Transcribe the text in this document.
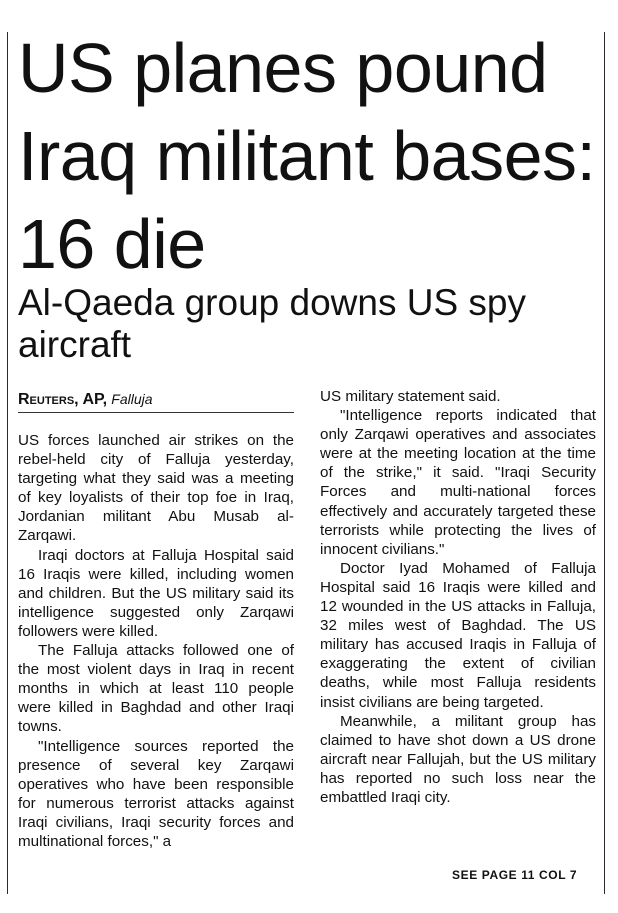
US planes pound Iraq militant bases: 16 die
Al-Qaeda group downs US spy aircraft
Reuters, AP, Falluja

US forces launched air strikes on the rebel-held city of Falluja yesterday, targeting what they said was a meeting of key loyalists of their top foe in Iraq, Jordanian militant Abu Musab al-Zarqawi.

Iraqi doctors at Falluja Hospital said 16 Iraqis were killed, including women and children. But the US military said its intelligence suggested only Zarqawi followers were killed.

The Falluja attacks followed one of the most violent days in Iraq in recent months in which at least 110 people were killed in Baghdad and other Iraqi towns.

"Intelligence sources reported the presence of several key Zarqawi operatives who have been responsible for numerous terrorist attacks against Iraqi civilians, Iraqi security forces and multinational forces," a

US military statement said.

"Intelligence reports indicated that only Zarqawi operatives and associates were at the meeting location at the time of the strike," it said. "Iraqi Security Forces and multi-national forces effectively and accurately targeted these terrorists while protecting the lives of innocent civilians."

Doctor Iyad Mohamed of Falluja Hospital said 16 Iraqis were killed and 12 wounded in the US attacks in Falluja, 32 miles west of Baghdad. The US military has accused Iraqis in Falluja of exaggerating the extent of civilian deaths, while most Falluja residents insist civilians are being targeted.

Meanwhile, a militant group has claimed to have shot down a US drone aircraft near Fallujah, but the US military has reported no such loss near the embattled Iraqi city.

SEE PAGE 11 COL 7
